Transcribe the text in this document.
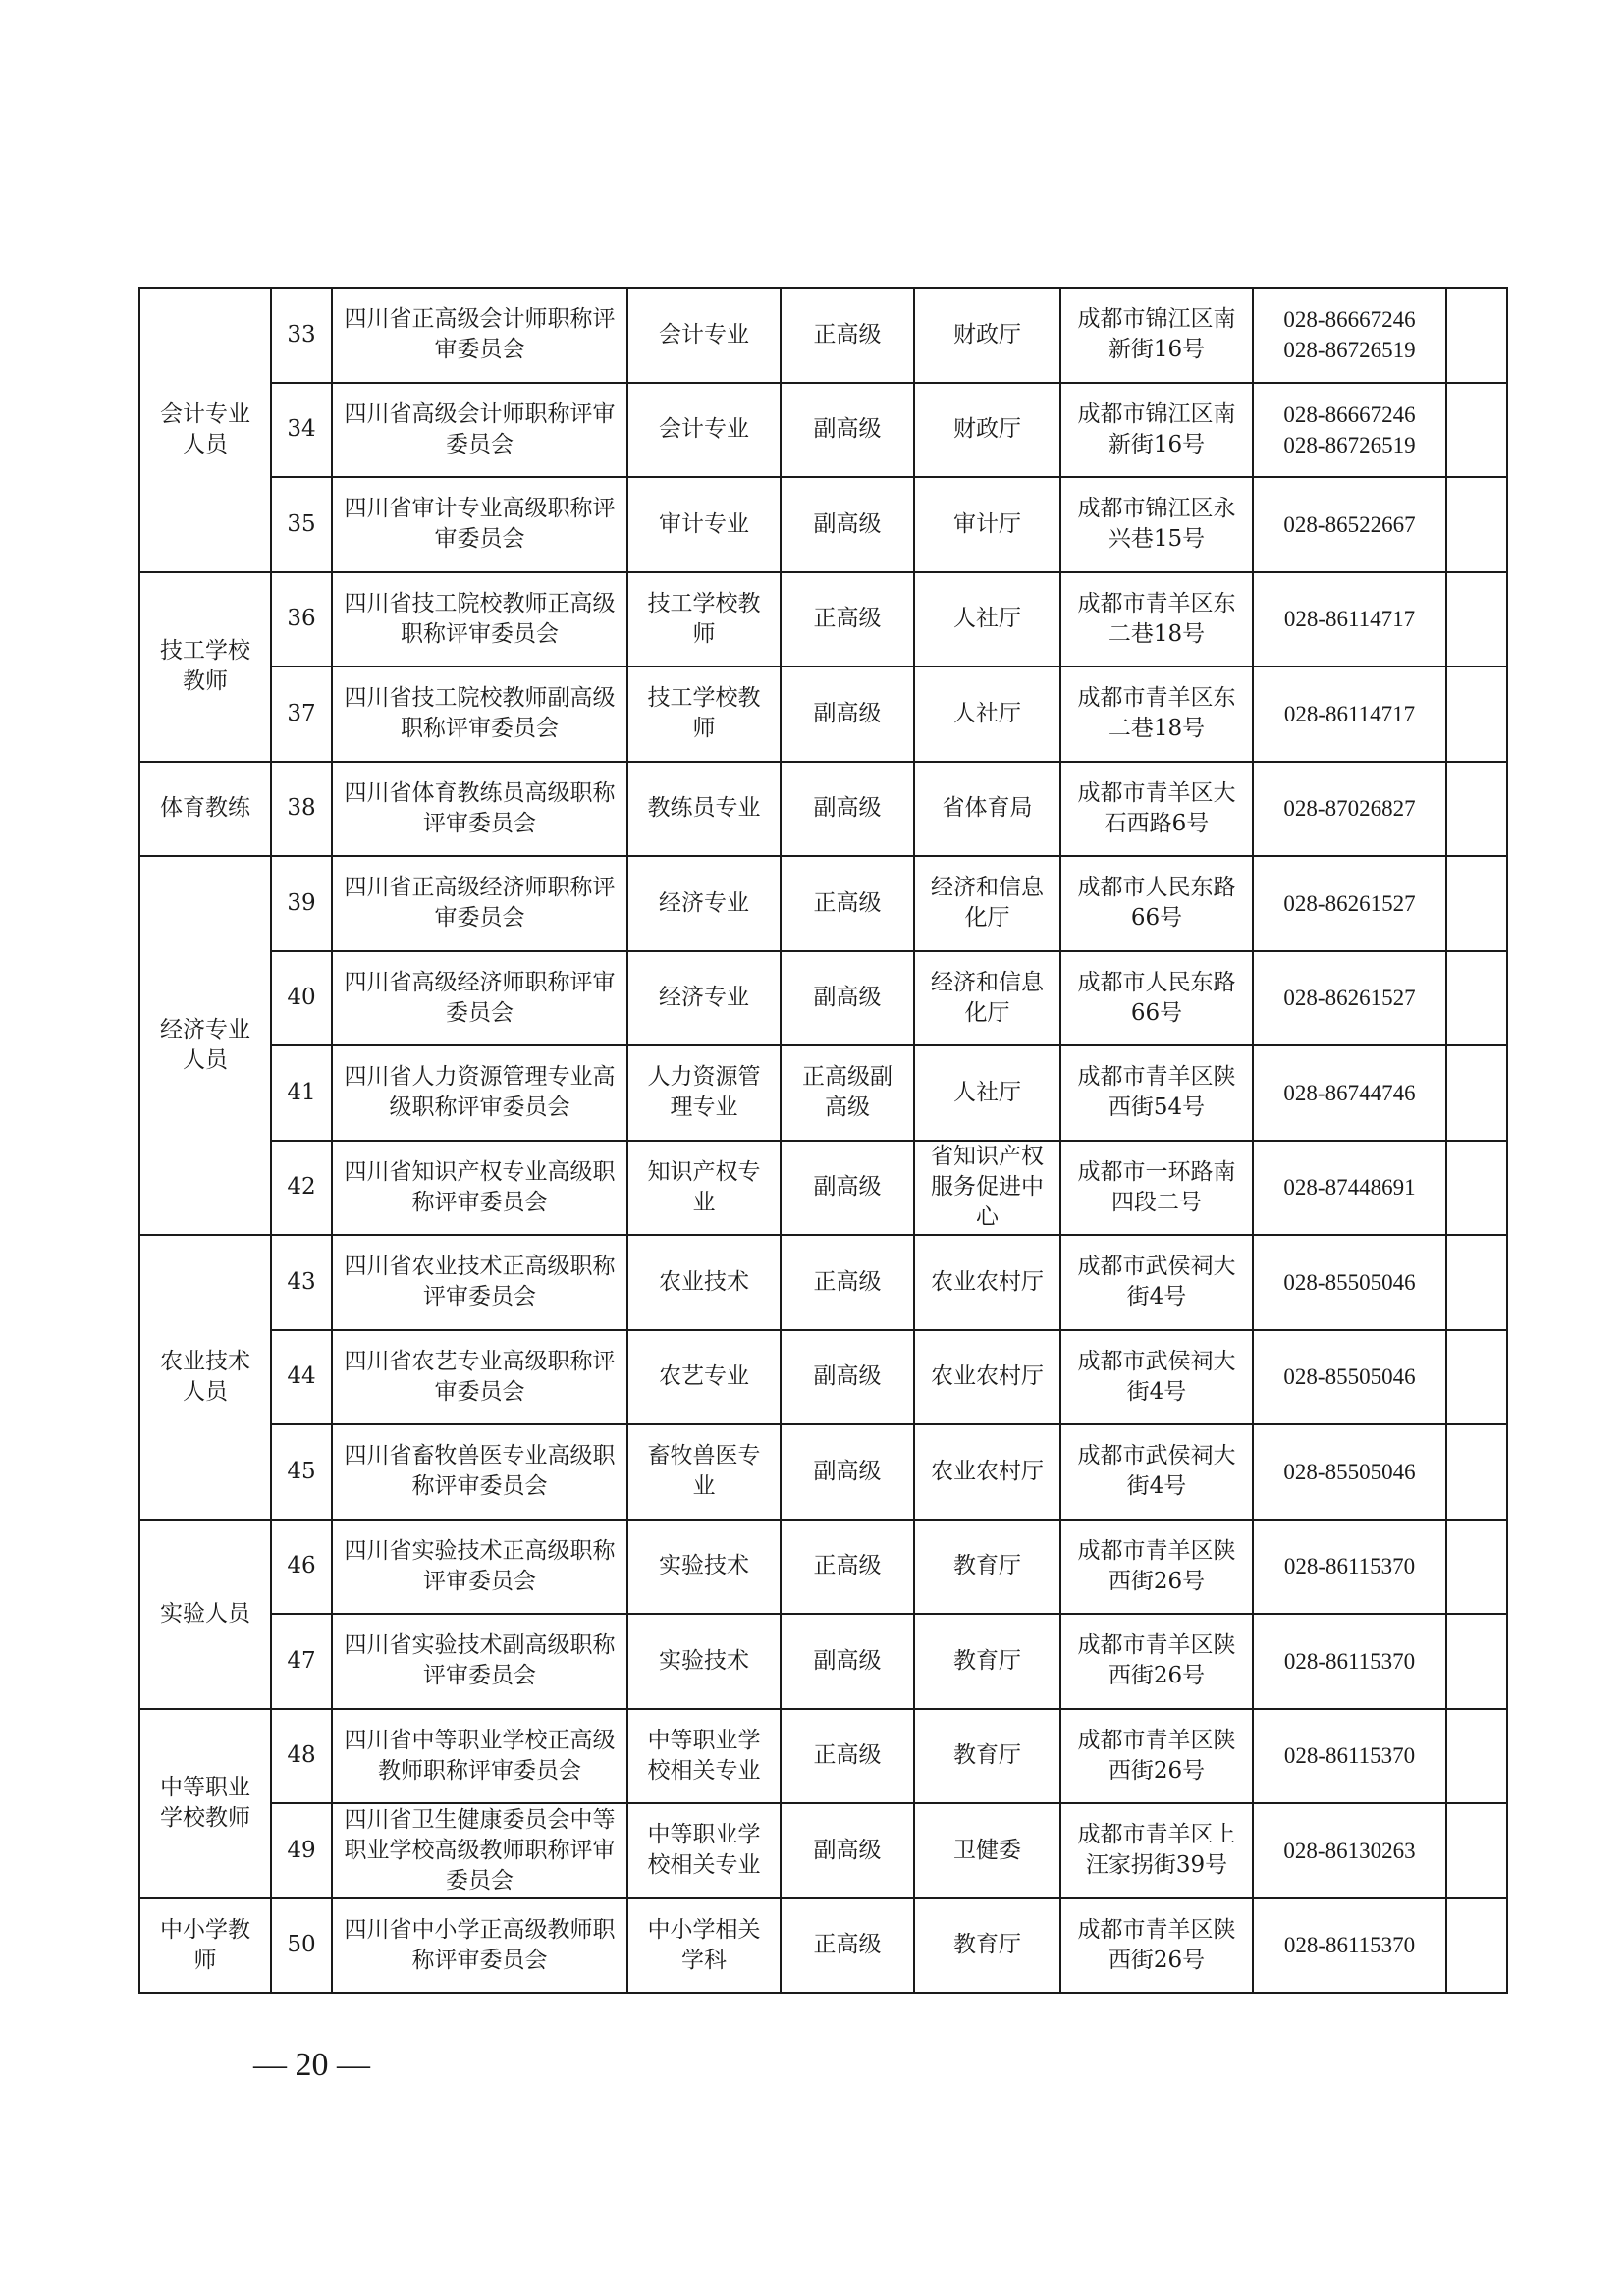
会计专业人员	33	四川省正高级会计师职称评审委员会	会计专业	正高级	财政厅	成都市锦江区南新街16号	028-86667246
028-86726519	
	34	四川省高级会计师职称评审委员会	会计专业	副高级	财政厅	成都市锦江区南新街16号	028-86667246
028-86726519	
	35	四川省审计专业高级职称评审委员会	审计专业	副高级	审计厅	成都市锦江区永兴巷15号	028-86522667	
技工学校教师	36	四川省技工院校教师正高级职称评审委员会	技工学校教师	正高级	人社厅	成都市青羊区东二巷18号	028-86114717	
	37	四川省技工院校教师副高级职称评审委员会	技工学校教师	副高级	人社厅	成都市青羊区东二巷18号	028-86114717	
体育教练	38	四川省体育教练员高级职称评审委员会	教练员专业	副高级	省体育局	成都市青羊区大石西路6号	028-87026827	
经济专业人员	39	四川省正高级经济师职称评审委员会	经济专业	正高级	经济和信息化厅	成都市人民东路66号	028-86261527	
	40	四川省高级经济师职称评审委员会	经济专业	副高级	经济和信息化厅	成都市人民东路66号	028-86261527	
	41	四川省人力资源管理专业高级职称评审委员会	人力资源管理专业	正高级副高级	人社厅	成都市青羊区陕西街54号	028-86744746	
	42	四川省知识产权专业高级职称评审委员会	知识产权专业	副高级	省知识产权服务促进中心	成都市一环路南四段二号	028-87448691	
农业技术人员	43	四川省农业技术正高级职称评审委员会	农业技术	正高级	农业农村厅	成都市武侯祠大街4号	028-85505046	
	44	四川省农艺专业高级职称评审委员会	农艺专业	副高级	农业农村厅	成都市武侯祠大街4号	028-85505046	
	45	四川省畜牧兽医专业高级职称评审委员会	畜牧兽医专业	副高级	农业农村厅	成都市武侯祠大街4号	028-85505046	
实验人员	46	四川省实验技术正高级职称评审委员会	实验技术	正高级	教育厅	成都市青羊区陕西街26号	028-86115370	
	47	四川省实验技术副高级职称评审委员会	实验技术	副高级	教育厅	成都市青羊区陕西街26号	028-86115370	
中等职业学校教师	48	四川省中等职业学校正高级教师职称评审委员会	中等职业学校相关专业	正高级	教育厅	成都市青羊区陕西街26号	028-86115370	
	49	四川省卫生健康委员会中等职业学校高级教师职称评审委员会	中等职业学校相关专业	副高级	卫健委	成都市青羊区上汪家拐街39号	028-86130263	
中小学教师	50	四川省中小学正高级教师职称评审委员会	中小学相关学科	正高级	教育厅	成都市青羊区陕西街26号	028-86115370	
— 20 —
